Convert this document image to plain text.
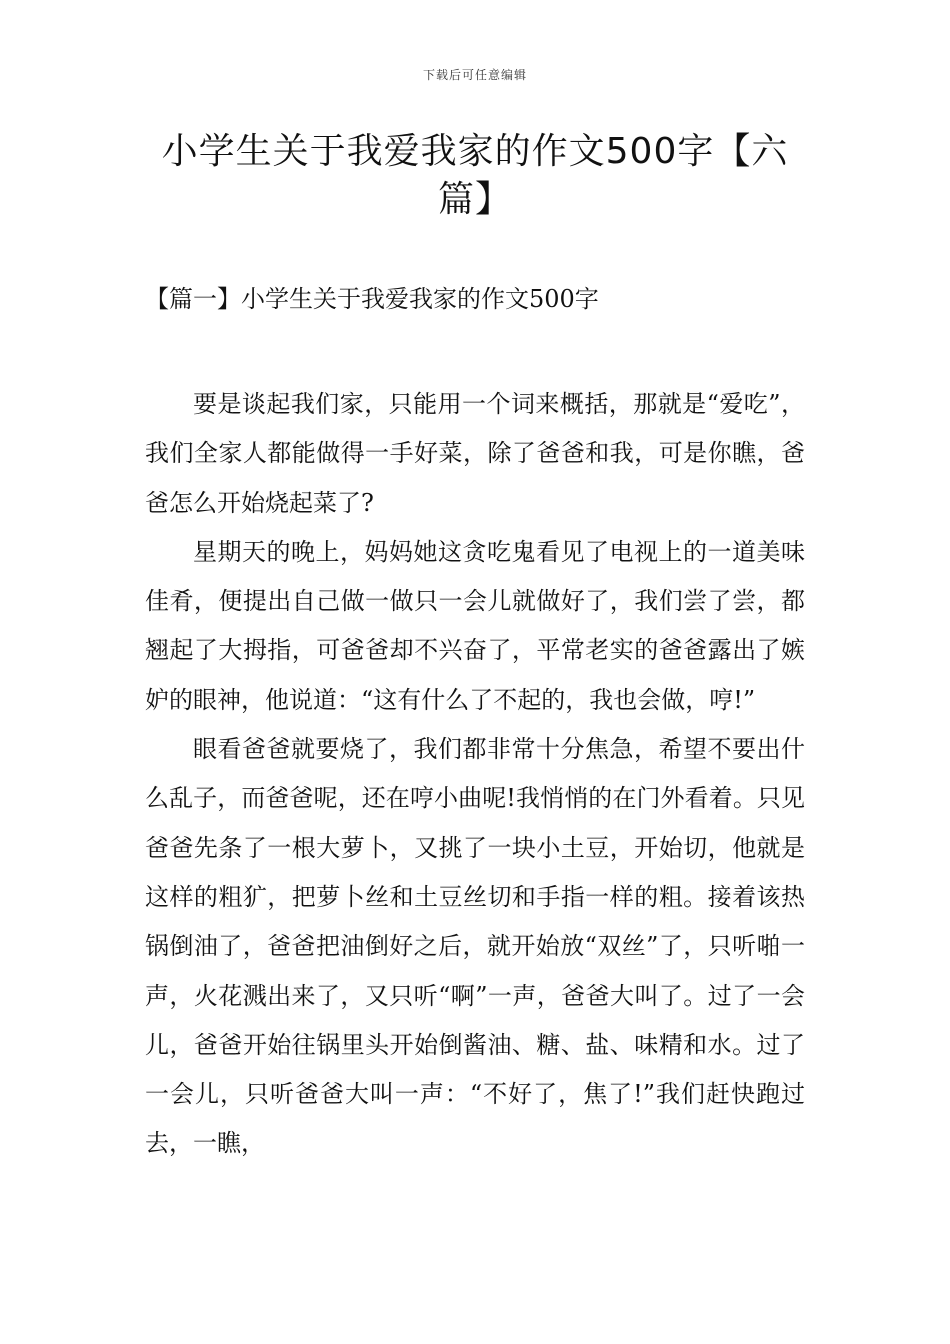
下载后可任意编辑
小学生关于我爱我家的作文500字【六篇】
【篇一】小学生关于我爱我家的作文500字

要是谈起我们家，只能用一个词来概括，那就是“爱吃”，我们全家人都能做得一手好菜，除了爸爸和我，可是你瞧，爸爸怎么开始烧起菜了?

星期天的晚上，妈妈她这贪吃鬼看见了电视上的一道美味佳肴，便提出自己做一做只一会儿就做好了，我们尝了尝，都翘起了大拇指，可爸爸却不兴奋了，平常老实的爸爸露出了嫉妒的眼神，他说道：“这有什么了不起的，我也会做，哼!”

眼看爸爸就要烧了，我们都非常十分焦急，希望不要出什么乱子，而爸爸呢，还在哼小曲呢!我悄悄的在门外看着。只见爸爸先条了一根大萝卜，又挑了一块小土豆，开始切，他就是这样的粗犷，把萝卜丝和土豆丝切和手指一样的粗。接着该热锅倒油了，爸爸把油倒好之后，就开始放“双丝”了，只听啪一声，火花溅出来了，又只听“啊”一声，爸爸大叫了。过了一会儿，爸爸开始往锅里头开始倒酱油、糖、盐、味精和水。过了一会儿，只听爸爸大叫一声：“不好了，焦了!”我们赶快跑过去，一瞧，
